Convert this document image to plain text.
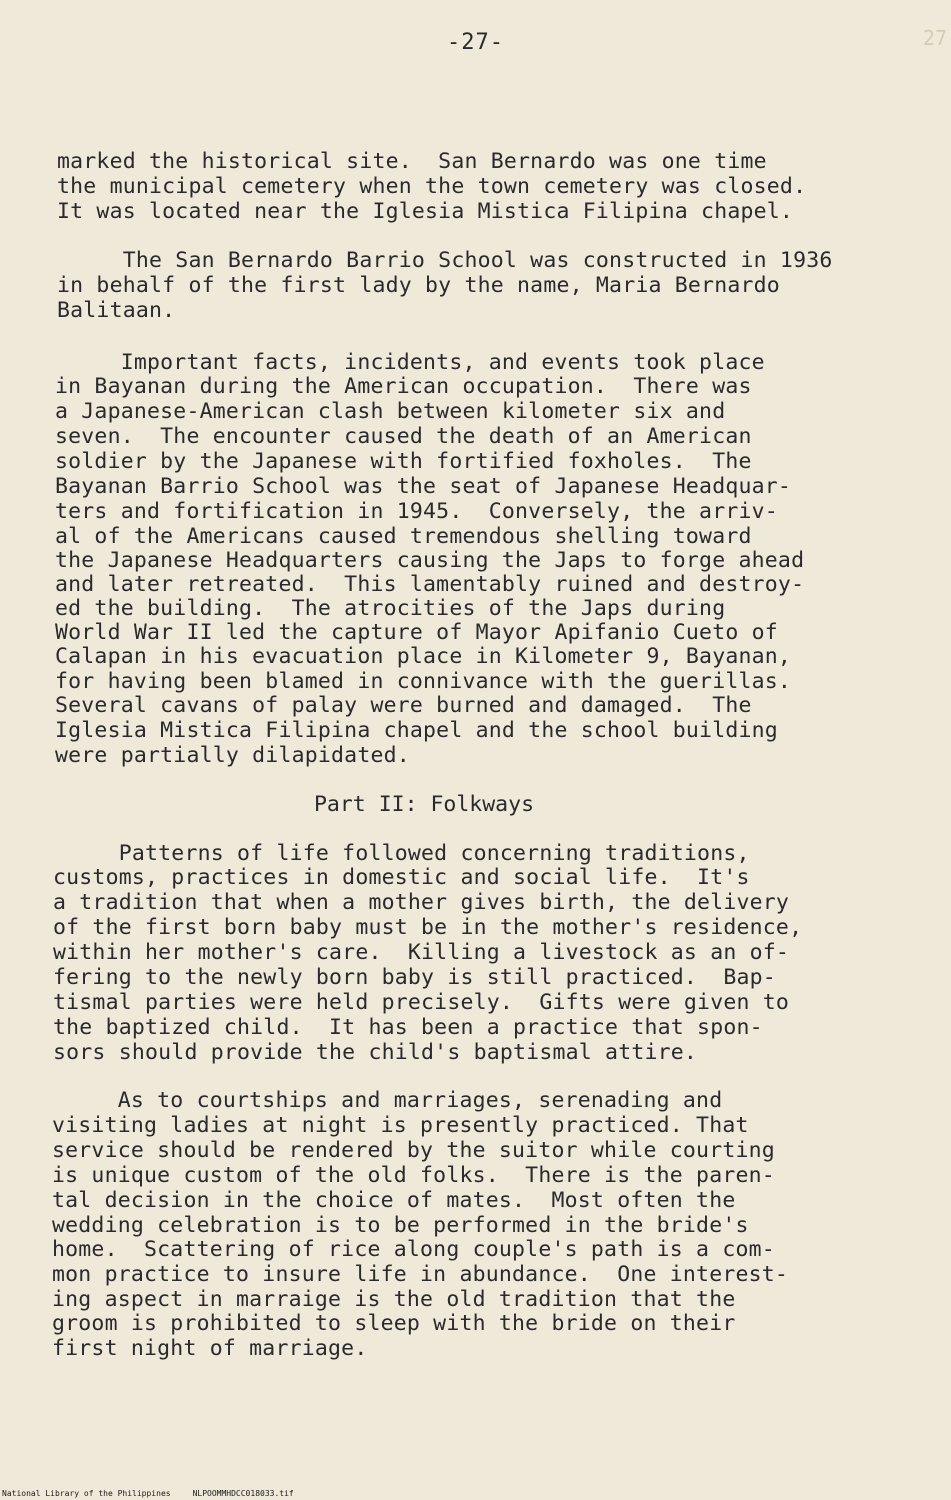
-27-	27
marked the historical site.  San Bernardo was one time
the municipal cemetery when the town cemetery was closed.
It was located near the Iglesia Mistica Filipina chapel.
The San Bernardo Barrio School was constructed in 1936
in behalf of the first lady by the name, Maria Bernardo
Balitaan.
Important facts, incidents, and events took place
in Bayanan during the American occupation.  There was
a Japanese-American clash between kilometer six and
seven.  The encounter caused the death of an American
soldier by the Japanese with fortified foxholes.  The
Bayanan Barrio School was the seat of Japanese Headquar-
ters and fortification in 1945.  Conversely, the arriv-
al of the Americans caused tremendous shelling toward
the Japanese Headquarters causing the Japs to forge ahead
and later retreated.  This lamentably ruined and destroy-
ed the building.  The atrocities of the Japs during
World War II led the capture of Mayor Apifanio Cueto of
Calapan in his evacuation place in Kilometer 9, Bayanan,
for having been blamed in connivance with the guerillas.
Several cavans of palay were burned and damaged.  The
Iglesia Mistica Filipina chapel and the school building
were partially dilapidated.
Part II: Folkways
Patterns of life followed concerning traditions,
customs, practices in domestic and social life.  It's
a tradition that when a mother gives birth, the delivery
of the first born baby must be in the mother's residence,
within her mother's care.  Killing a livestock as an of-
fering to the newly born baby is still practiced.  Bap-
tismal parties were held precisely.  Gifts were given to
the baptized child.  It has been a practice that spon-
sors should provide the child's baptismal attire.
As to courtships and marriages, serenading and
visiting ladies at night is presently practiced. That
service should be rendered by the suitor while courting
is unique custom of the old folks.  There is the paren-
tal decision in the choice of mates.  Most often the
wedding celebration is to be performed in the bride's
home.  Scattering of rice along couple's path is a com-
mon practice to insure life in abundance.  One interest-
ing aspect in marraige is the old tradition that the
groom is prohibited to sleep with the bride on their
first night of marriage.
National Library of the Philippines	NLPOOMMHDCC018033.tif
